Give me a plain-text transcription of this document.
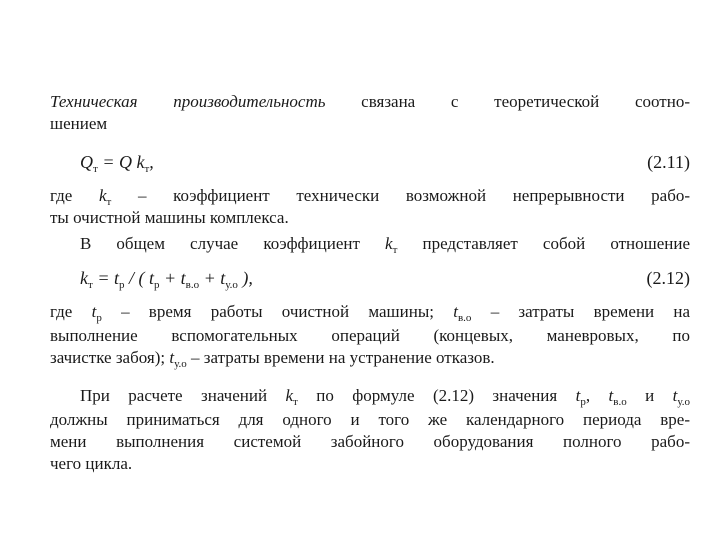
Техническая производительность связана с теоретической соотно-
шением
$Q_т = Q$ $k_т$,	(2.11)
где $k_т$ – коэффициент технически возможной непрерывности рабо-
ты очистной машины комплекса.
В общем случае коэффициент $k_т$ представляет собой отношение
$k_т = t_р$ / ( $t_р + t_{в.о} + t_{у.о}$ ),	(2.12)
где $t_р$ – время работы очистной машины; $t_{в.о}$ – затраты времени на
выполнение вспомогательных операций (концевых, маневровых, по
зачистке забоя); $t_{у.о}$ – затраты времени на устранение отказов.
При расчете значений $k_т$ по формуле (2.12) значения $t_р$, $t_{в.о}$ и $t_{у.о}$
должны приниматься для одного и того же календарного периода вре-
мени выполнения системой забойного оборудования полного рабо-
чего цикла.
